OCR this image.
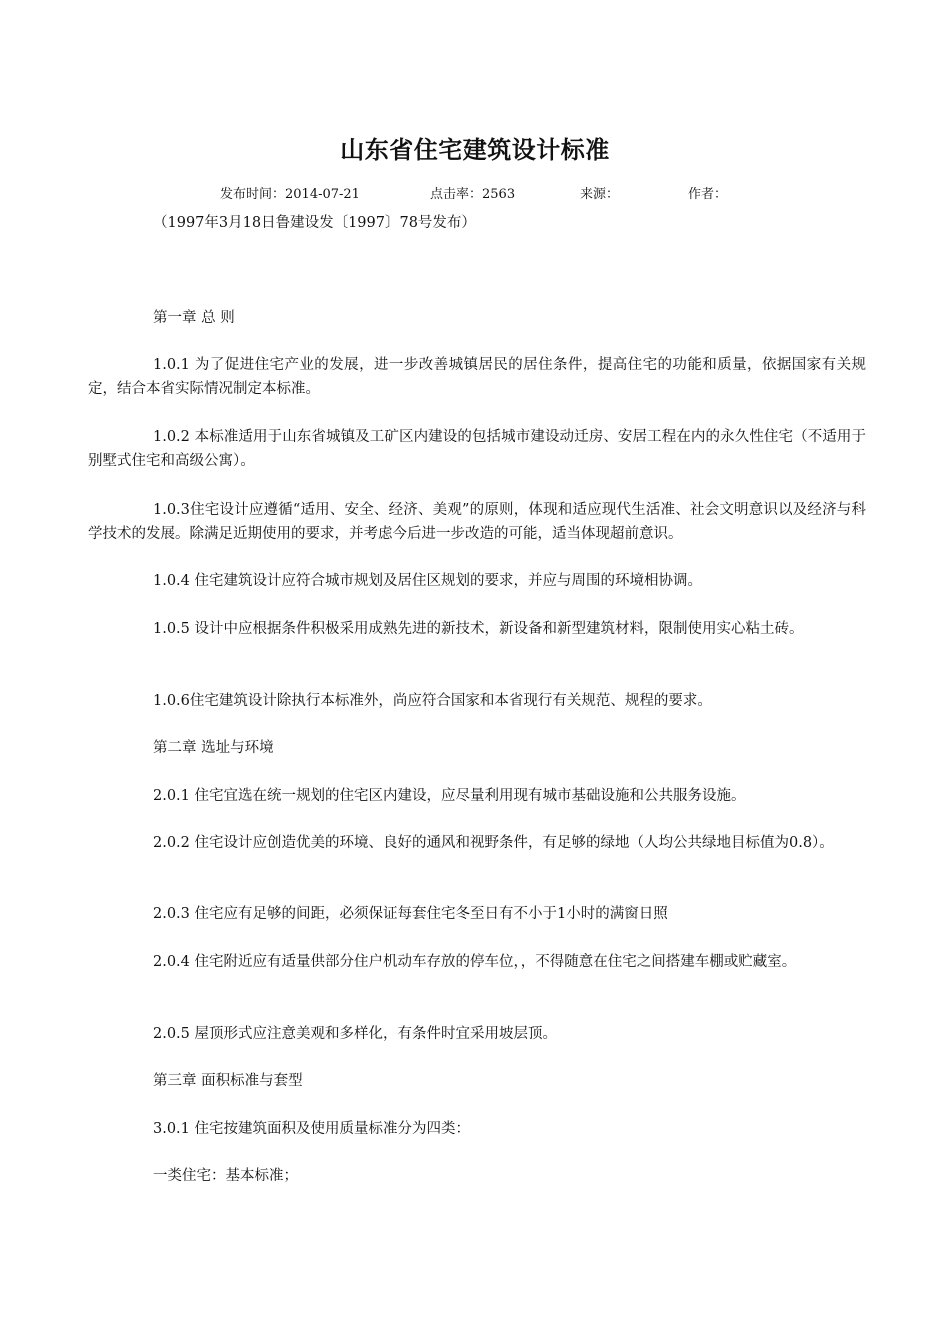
山东省住宅建筑设计标准
发布时间：2014-07-21	点击率：2563	来源：	作者：
（1997年3月18日鲁建设发〔1997〕78号发布）

第一章 总 则

1.0.1 为了促进住宅产业的发展，进一步改善城镇居民的居住条件，提高住宅的功能和质量，依据国家有关规定，结合本省实际情况制定本标准。

1.0.2 本标准适用于山东省城镇及工矿区内建设的包括城市建设动迁房、安居工程在内的永久性住宅（不适用于别墅式住宅和高级公寓）。

1.0.3住宅设计应遵循“适用、安全、经济、美观”的原则，体现和适应现代生活准、社会文明意识以及经济与科学技术的发展。除满足近期使用的要求，并考虑今后进一步改造的可能，适当体现超前意识。

1.0.4 住宅建筑设计应符合城市规划及居住区规划的要求，并应与周围的环境相协调。

1.0.5 设计中应根据条件积极采用成熟先进的新技术，新设备和新型建筑材料，限制使用实心粘土砖。

1.0.6住宅建筑设计除执行本标准外，尚应符合国家和本省现行有关规范、规程的要求。

第二章 选址与环境

2.0.1 住宅宜选在统一规划的住宅区内建设，应尽量利用现有城市基础设施和公共服务设施。

2.0.2 住宅设计应创造优美的环境、良好的通风和视野条件，有足够的绿地（人均公共绿地目标值为0.8）。

2.0.3 住宅应有足够的间距，必须保证每套住宅冬至日有不小于1小时的满窗日照

2.0.4 住宅附近应有适量供部分住户机动车存放的停车位，，不得随意在住宅之间搭建车棚或贮藏室。

2.0.5 屋顶形式应注意美观和多样化，有条件时宜采用坡层顶。

第三章 面积标准与套型

3.0.1 住宅按建筑面积及使用质量标准分为四类：

一类住宅：基本标准；
